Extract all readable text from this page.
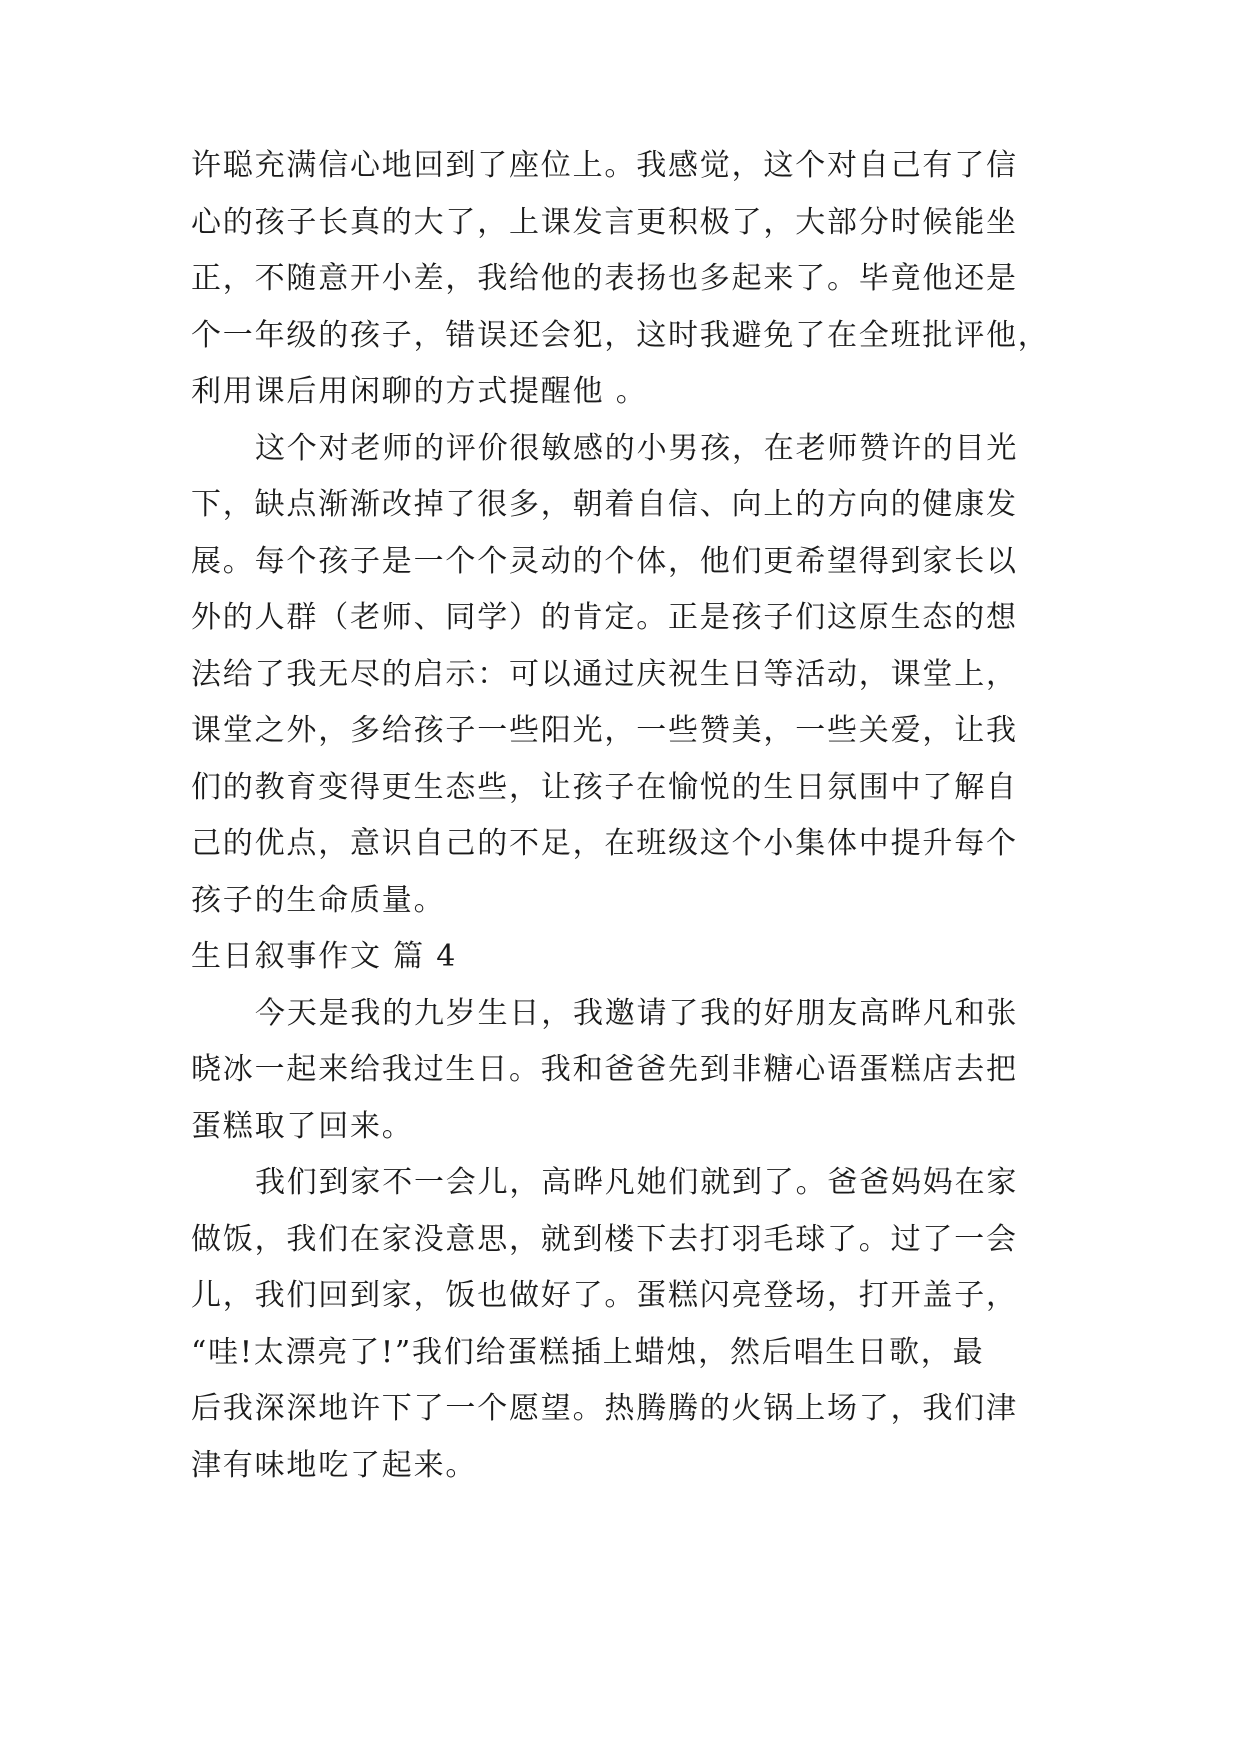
许聪充满信心地回到了座位上。我感觉，这个对自己有了信
心的孩子长真的大了，上课发言更积极了，大部分时候能坐
正，不随意开小差，我给他的表扬也多起来了。毕竟他还是
个一年级的孩子，错误还会犯，这时我避免了在全班批评他，
利用课后用闲聊的方式提醒他 。
这个对老师的评价很敏感的小男孩，在老师赞许的目光
下，缺点渐渐改掉了很多，朝着自信、向上的方向的健康发
展。每个孩子是一个个灵动的个体，他们更希望得到家长以
外的人群（老师、同学）的肯定。正是孩子们这原生态的想
法给了我无尽的启示：可以通过庆祝生日等活动，课堂上，
课堂之外，多给孩子一些阳光，一些赞美，一些关爱，让我
们的教育变得更生态些，让孩子在愉悦的生日氛围中了解自
己的优点，意识自己的不足，在班级这个小集体中提升每个
孩子的生命质量。
生日叙事作文 篇 4
今天是我的九岁生日，我邀请了我的好朋友高晔凡和张
晓冰一起来给我过生日。我和爸爸先到非糖心语蛋糕店去把
蛋糕取了回来。
我们到家不一会儿，高晔凡她们就到了。爸爸妈妈在家
做饭，我们在家没意思，就到楼下去打羽毛球了。过了一会
儿，我们回到家，饭也做好了。蛋糕闪亮登场，打开盖子，
“哇!太漂亮了!”我们给蛋糕插上蜡烛，然后唱生日歌，最
后我深深地许下了一个愿望。热腾腾的火锅上场了，我们津
津有味地吃了起来。
